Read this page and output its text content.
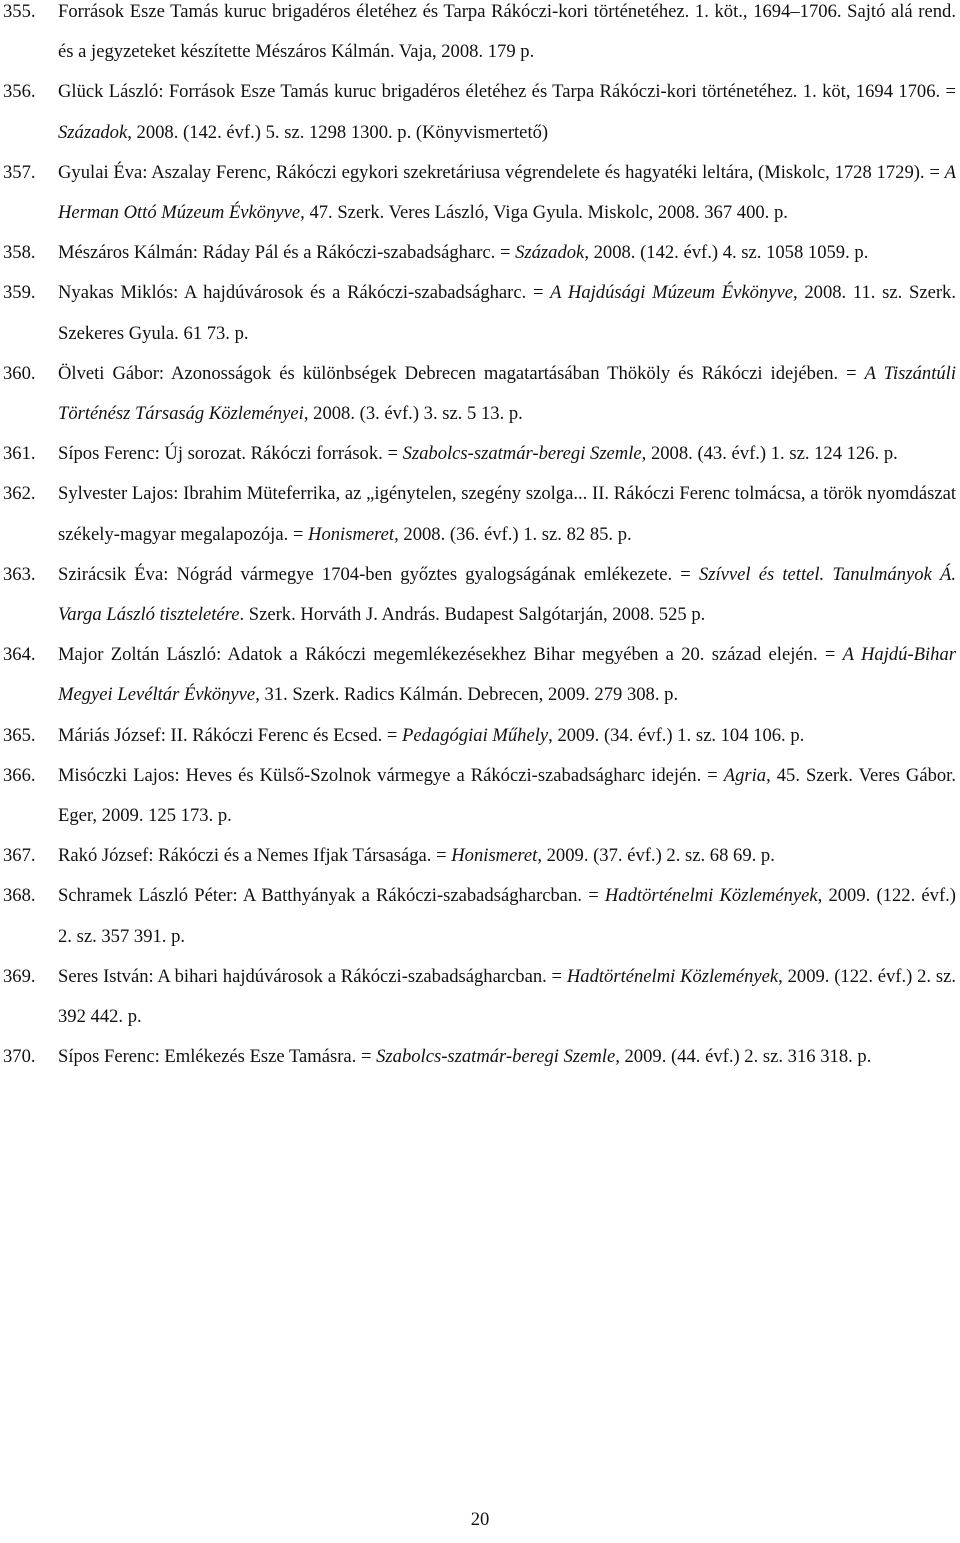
355.	Források Esze Tamás kuruc brigadéros életéhez és Tarpa Rákóczi-kori történetéhez. 1. köt., 1694–1706. Sajtó alá rend. és a jegyzeteket készítette Mészáros Kálmán. Vaja, 2008. 179 p.
356.	Glück László: Források Esze Tamás kuruc brigadéros életéhez és Tarpa Rákóczi-kori történetéhez. 1. köt, 1694 1706. = Századok, 2008. (142. évf.) 5. sz. 1298 1300. p. (Könyvismertető)
357.	Gyulai Éva: Aszalay Ferenc, Rákóczi egykori szekretáriusa végrendelete és hagyatéki leltára, (Miskolc, 1728 1729). = A Herman Ottó Múzeum Évkönyve, 47. Szerk. Veres László, Viga Gyula. Miskolc, 2008. 367 400. p.
358.	Mészáros Kálmán: Ráday Pál és a Rákóczi-szabadságharc. = Századok, 2008. (142. évf.) 4. sz. 1058 1059. p.
359.	Nyakas Miklós: A hajdúvárosok és a Rákóczi-szabadságharc. = A Hajdúsági Múzeum Évkönyve, 2008. 11. sz. Szerk. Szekeres Gyula. 61 73. p.
360.	Ölveti Gábor: Azonosságok és különbségek Debrecen magatartásában Thököly és Rákóczi idejében. = A Tiszántúli Történész Társaság Közleményei, 2008. (3. évf.) 3. sz. 5 13. p.
361.	Sípos Ferenc: Új sorozat. Rákóczi források. = Szabolcs-szatmár-beregi Szemle, 2008. (43. évf.) 1. sz. 124 126. p.
362.	Sylvester Lajos: Ibrahim Müteferrika, az „igénytelen, szegény szolga... II. Rákóczi Ferenc tolmácsa, a török nyomdászat székely-magyar megalapozója. = Honismeret, 2008. (36. évf.) 1. sz. 82 85. p.
363.	Szirácsik Éva: Nógrád vármegye 1704-ben győztes gyalogságának emlékezete. = Szívvel és tettel. Tanulmányok Á. Varga László tiszteletére. Szerk. Horváth J. András. Budapest Salgótarján, 2008. 525 p.
364.	Major Zoltán László: Adatok a Rákóczi megemlékezésekhez Bihar megyében a 20. század elején. = A Hajdú-Bihar Megyei Levéltár Évkönyve, 31. Szerk. Radics Kálmán. Debrecen, 2009. 279 308. p.
365.	Máriás József: II. Rákóczi Ferenc és Ecsed. = Pedagógiai Műhely, 2009. (34. évf.) 1. sz. 104 106. p.
366.	Misóczki Lajos: Heves és Külső-Szolnok vármegye a Rákóczi-szabadságharc idején. = Agria, 45. Szerk. Veres Gábor. Eger, 2009. 125 173. p.
367.	Rakó József: Rákóczi és a Nemes Ifjak Társasága. = Honismeret, 2009. (37. évf.) 2. sz. 68 69. p.
368.	Schramek László Péter: A Batthyányak a Rákóczi-szabadságharcban. = Hadtörténelmi Közlemények, 2009. (122. évf.) 2. sz. 357 391. p.
369.	Seres István: A bihari hajdúvárosok a Rákóczi-szabadságharcban. = Hadtörténelmi Közlemények, 2009. (122. évf.) 2. sz. 392 442. p.
370.	Sípos Ferenc: Emlékezés Esze Tamásra. = Szabolcs-szatmár-beregi Szemle, 2009. (44. évf.) 2. sz. 316 318. p.
20
